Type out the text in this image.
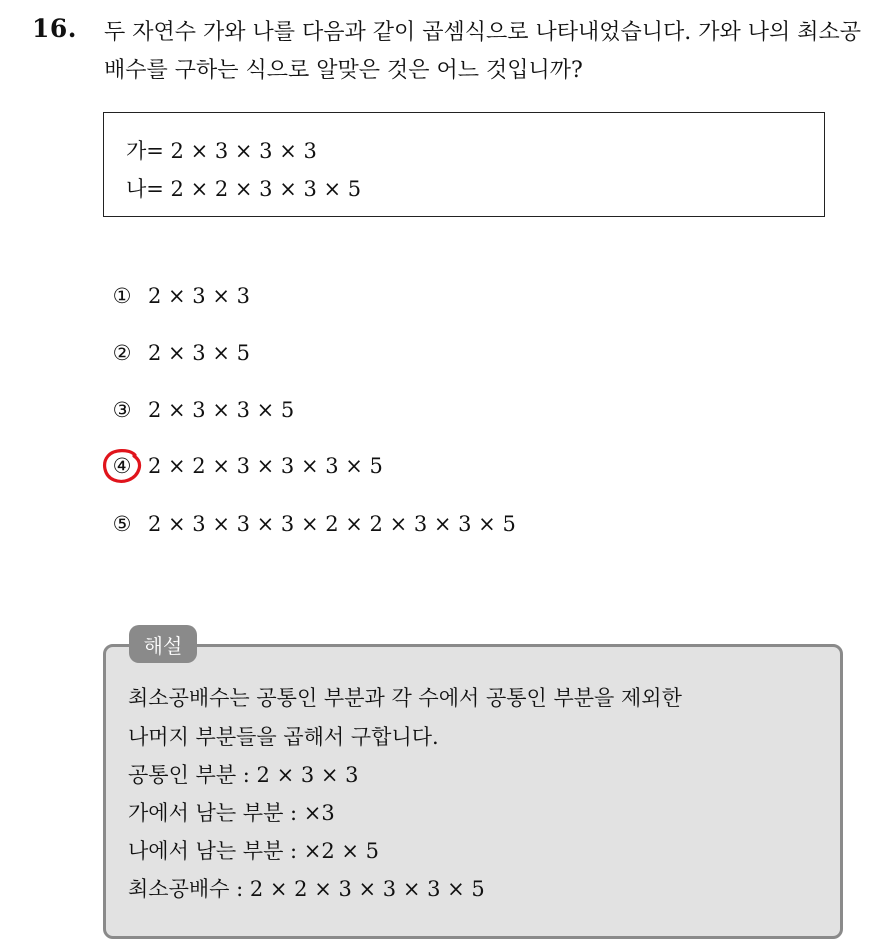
16. 두 자연수 가와 나를 다음과 같이 곱셈식으로 나타내었습니다. 가와 나의 최소공배수를 구하는 식으로 알맞은 것은 어느 것입니까?
가= 2 × 3 × 3 × 3
나= 2 × 2 × 3 × 3 × 5
① 2 × 3 × 3
② 2 × 3 × 5
③ 2 × 3 × 3 × 5
④ 2 × 2 × 3 × 3 × 3 × 5
⑤ 2 × 3 × 3 × 3 × 2 × 2 × 3 × 3 × 5
해설
최소공배수는 공통인 부분과 각 수에서 공통인 부분을 제외한
나머지 부분들을 곱해서 구합니다.
공통인 부분 : 2 × 3 × 3
가에서 남는 부분 : ×3
나에서 남는 부분 : ×2 × 5
최소공배수 : 2 × 2 × 3 × 3 × 3 × 5
